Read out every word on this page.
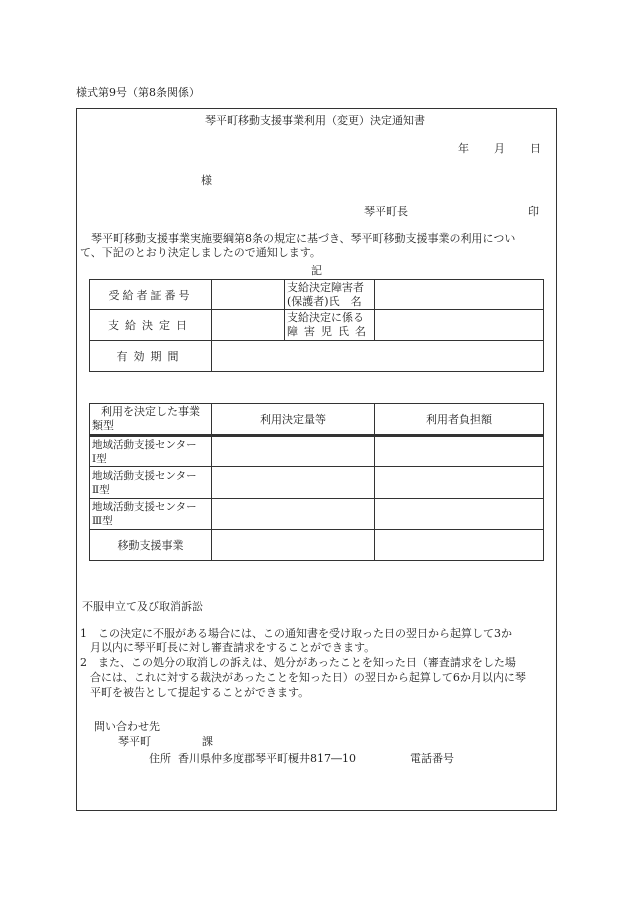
様式第9号（第8条関係）
琴平町移動支援事業利用（変更）決定通知書
年 月 日
様
琴平町長	印
　琴平町移動支援事業実施要綱第8条の規定に基づき、琴平町移動支援事業の利用につい
て、下記のとおり決定しましたので通知します。
記
受給者証番号		支給決定障害者
(保護者)氏　名	

支給決定日		支給決定に係る
障害児氏名	

有効期間			
利用を決定した事業
類型	利用決定量等	利用者負担額

地域活動支援センター
Ⅰ型		

地域活動支援センター
Ⅱ型		

地域活動支援センター
Ⅲ型		

移動支援事業		
不服申立て及び取消訴訟
1　この決定に不服がある場合には、この通知書を受け取った日の翌日から起算して3か
月以内に琴平町長に対し審査請求をすることができます。
2　また、この処分の取消しの訴えは、処分があったことを知った日（審査請求をした場
合には、これに対する裁決があったことを知った日）の翌日から起算して6か月以内に琴
平町を被告として提起することができます。
問い合わせ先
琴平町	課
住所 香川県仲多度郡琴平町榎井817―10	電話番号
